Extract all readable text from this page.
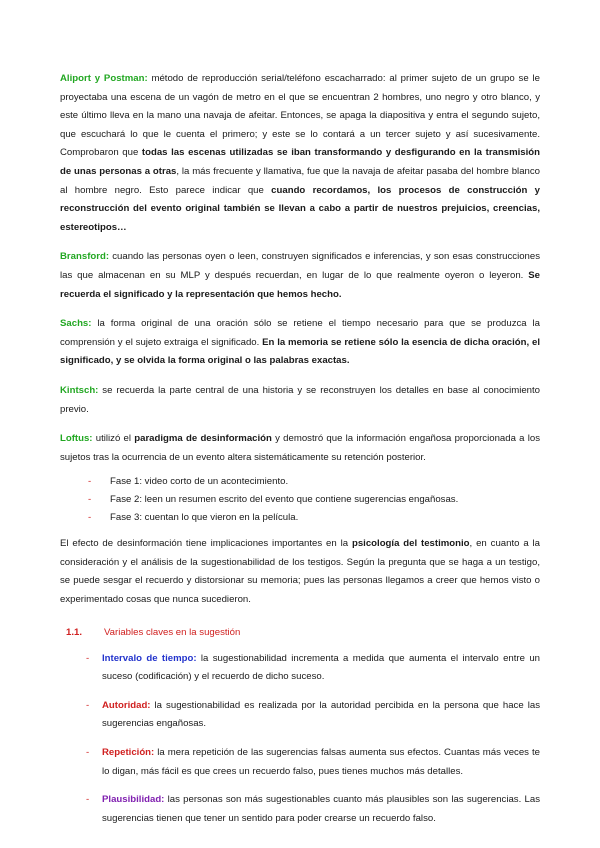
Aliport y Postman: método de reproducción serial/teléfono escacharrado: al primer sujeto de un grupo se le proyectaba una escena de un vagón de metro en el que se encuentran 2 hombres, uno negro y otro blanco, y este último lleva en la mano una navaja de afeitar. Entonces, se apaga la diapositiva y entra el segundo sujeto, que escuchará lo que le cuenta el primero; y este se lo contará a un tercer sujeto y así sucesivamente. Comprobaron que todas las escenas utilizadas se iban transformando y desfigurando en la transmisión de unas personas a otras, la más frecuente y llamativa, fue que la navaja de afeitar pasaba del hombre blanco al hombre negro. Esto parece indicar que cuando recordamos, los procesos de construcción y reconstrucción del evento original también se llevan a cabo a partir de nuestros prejuicios, creencias, estereotipos…

Bransford: cuando las personas oyen o leen, construyen significados e inferencias, y son esas construcciones las que almacenan en su MLP y después recuerdan, en lugar de lo que realmente oyeron o leyeron. Se recuerda el significado y la representación que hemos hecho.

Sachs: la forma original de una oración sólo se retiene el tiempo necesario para que se produzca la comprensión y el sujeto extraiga el significado. En la memoria se retiene sólo la esencia de dicha oración, el significado, y se olvida la forma original o las palabras exactas.

Kintsch: se recuerda la parte central de una historia y se reconstruyen los detalles en base al conocimiento previo.

Loftus: utilizó el paradigma de desinformación y demostró que la información engañosa proporcionada a los sujetos tras la ocurrencia de un evento altera sistemáticamente su retención posterior.

- Fase 1: video corto de un acontecimiento.
- Fase 2: leen un resumen escrito del evento que contiene sugerencias engañosas.
- Fase 3: cuentan lo que vieron en la película.

El efecto de desinformación tiene implicaciones importantes en la psicología del testimonio, en cuanto a la consideración y el análisis de la sugestionabilidad de los testigos. Según la pregunta que se haga a un testigo, se puede sesgar el recuerdo y distorsionar su memoria; pues las personas llegamos a creer que hemos visto o experimentado cosas que nunca sucedieron.

1.1. Variables claves en la sugestión
- Intervalo de tiempo: la sugestionabilidad incrementa a medida que aumenta el intervalo entre un suceso (codificación) y el recuerdo de dicho suceso.
- Autoridad: la sugestionabilidad es realizada por la autoridad percibida en la persona que hace las sugerencias engañosas.
- Repetición: la mera repetición de las sugerencias falsas aumenta sus efectos. Cuantas más veces te lo digan, más fácil es que crees un recuerdo falso, pues tienes muchos más detalles.
- Plausibilidad: las personas son más sugestionables cuanto más plausibles son las sugerencias. Las sugerencias tienen que tener un sentido para poder crearse un recuerdo falso.
